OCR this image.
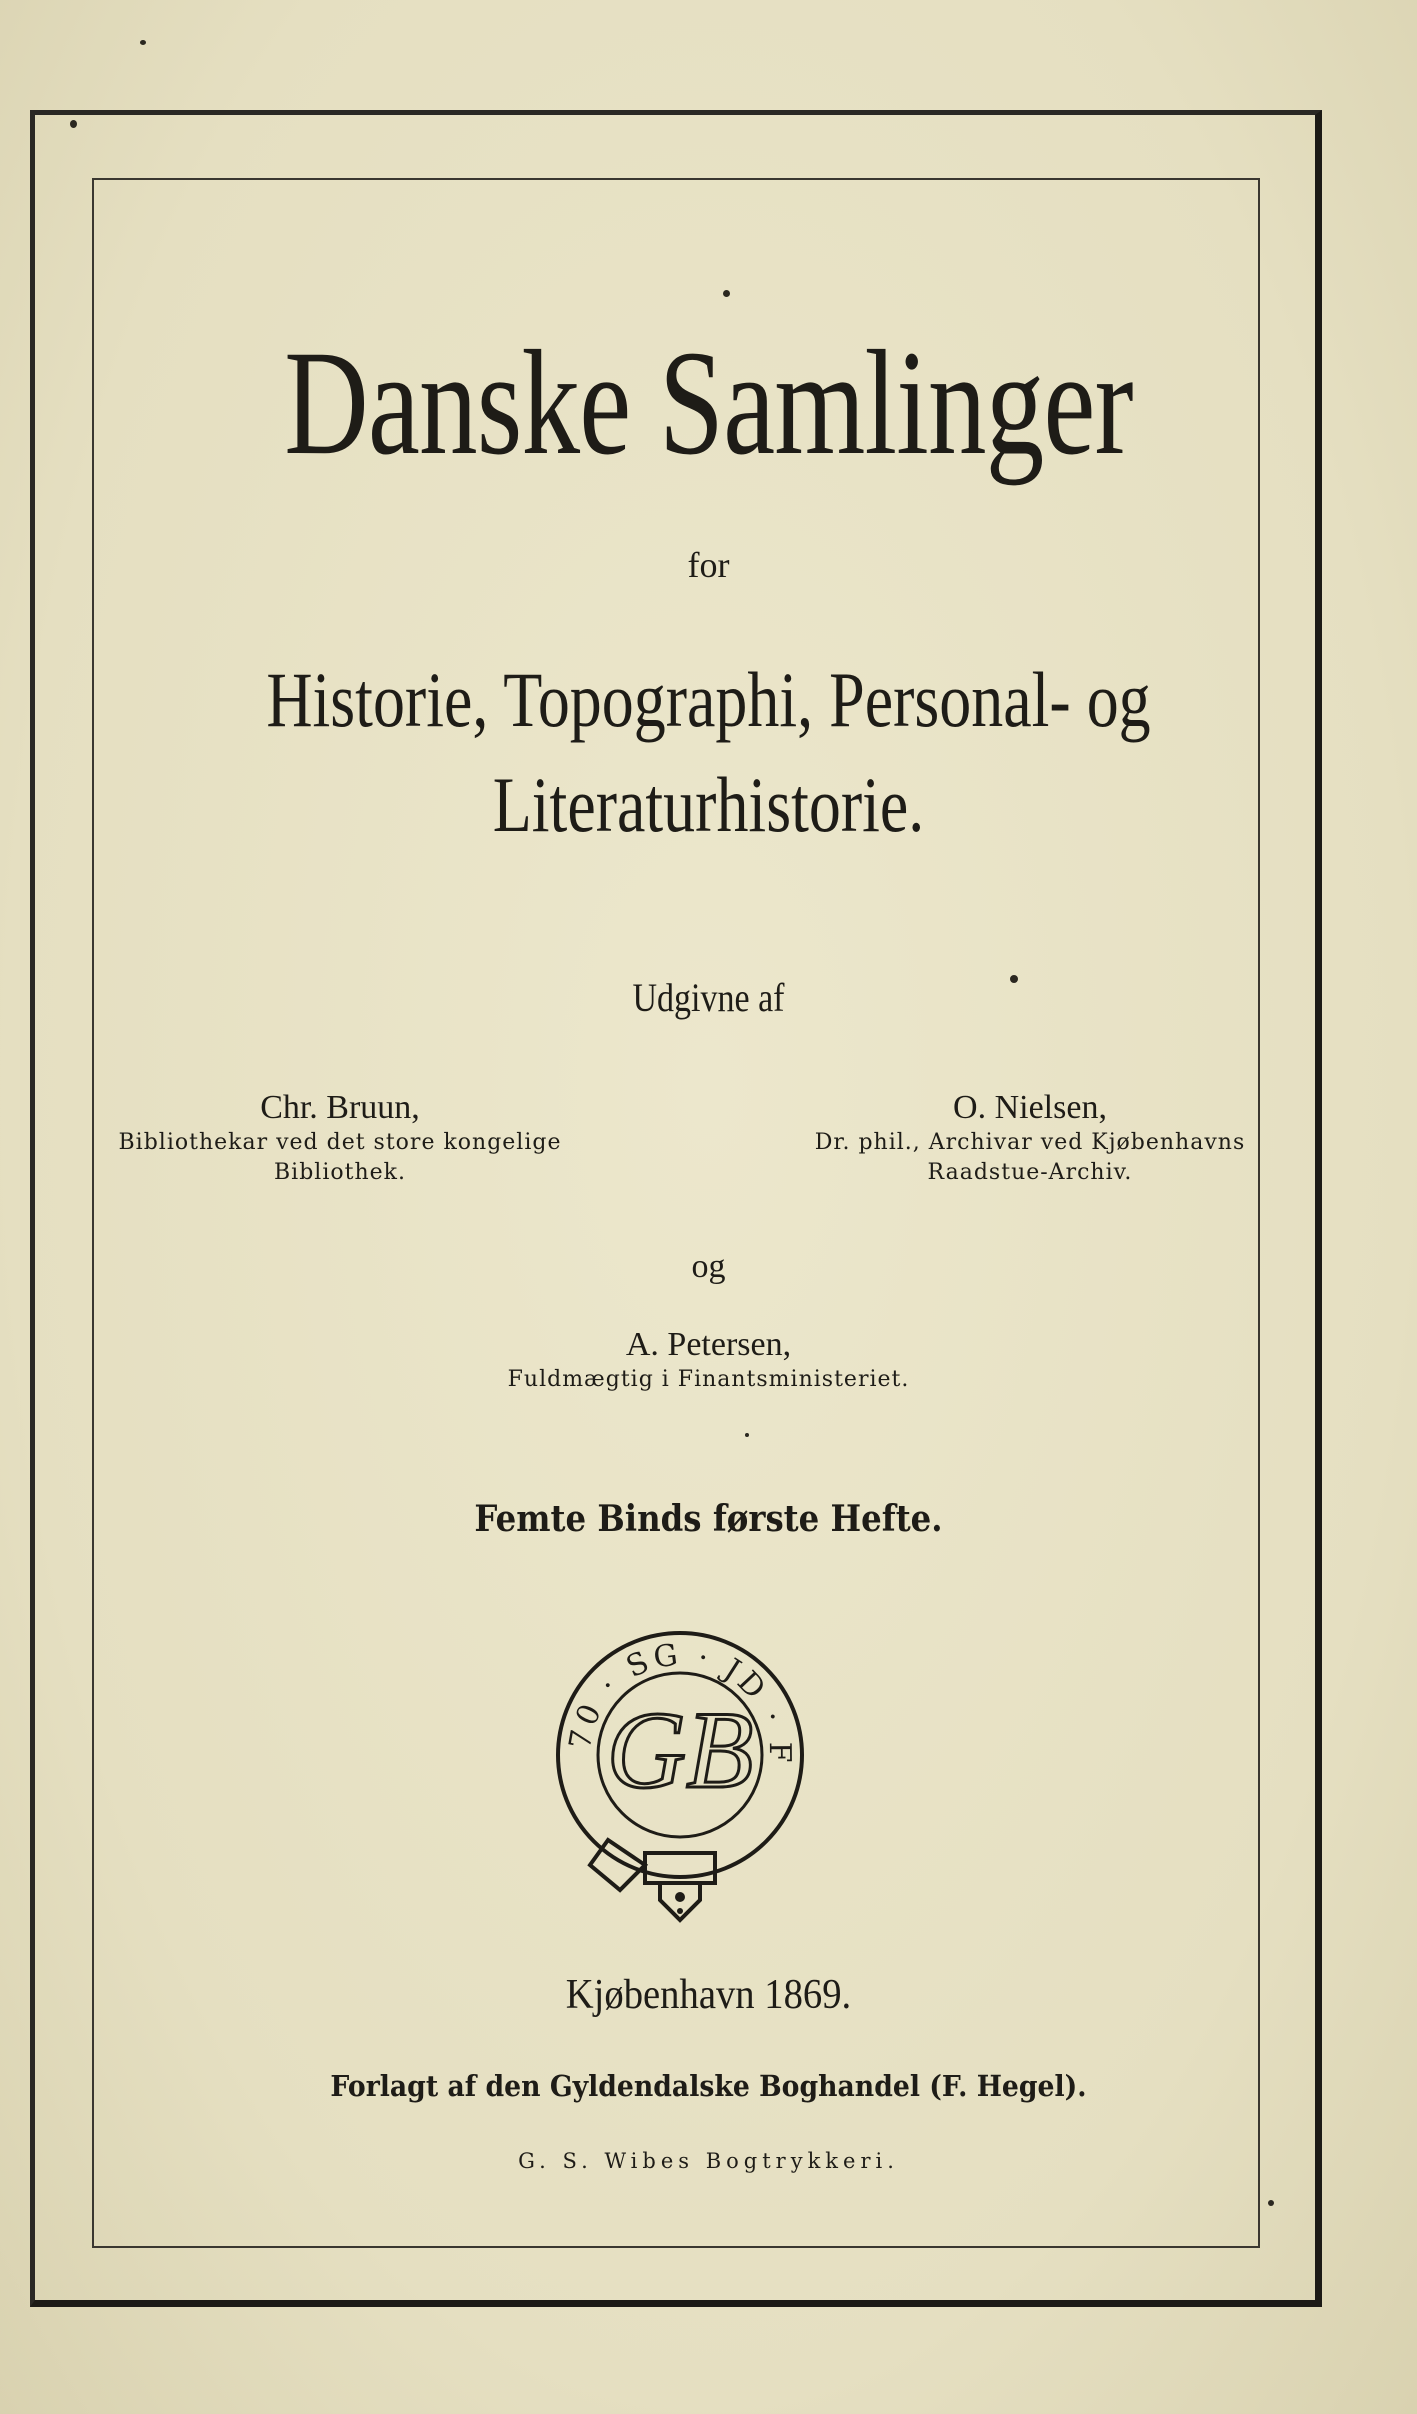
Danske Samlinger
for
Historie, Topographi, Personal- og
Literaturhistorie.
Udgivne af
Chr. Bruun,
Bibliothekar ved det store kongelige
Bibliothek.
O. Nielsen,
Dr. phil., Archivar ved Kjøbenhavns
Raadstue-Archiv.
og
A. Petersen,
Fuldmægtig i Finantsministeriet.
Femte Binds første Hefte.
70 · SG · JD · F
GB
Kjøbenhavn 1869.
Forlagt af den Gyldendalske Boghandel (F. Hegel).
G. S. Wibes Bogtrykkeri.
